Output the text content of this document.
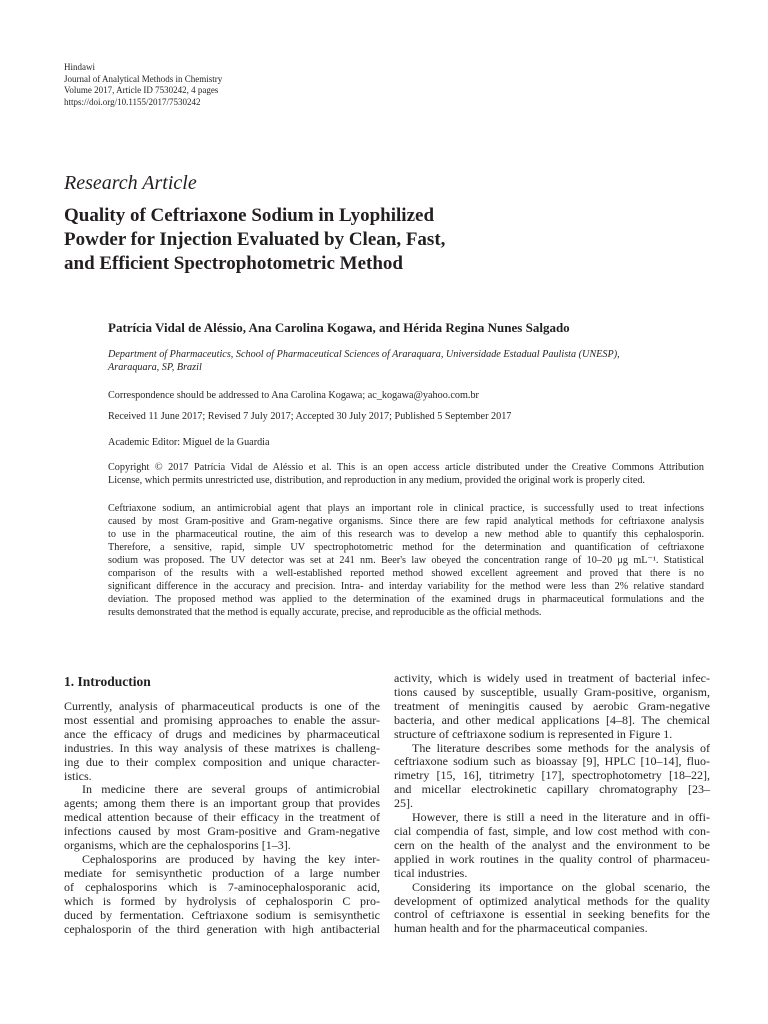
Hindawi
Journal of Analytical Methods in Chemistry
Volume 2017, Article ID 7530242, 4 pages
https://doi.org/10.1155/2017/7530242
Research Article
Quality of Ceftriaxone Sodium in Lyophilized
Powder for Injection Evaluated by Clean, Fast,
and Efficient Spectrophotometric Method
Patrícia Vidal de Aléssio, Ana Carolina Kogawa, and Hérida Regina Nunes Salgado
Department of Pharmaceutics, School of Pharmaceutical Sciences of Araraquara, Universidade Estadual Paulista (UNESP),
Araraquara, SP, Brazil
Correspondence should be addressed to Ana Carolina Kogawa; ac_kogawa@yahoo.com.br
Received 11 June 2017; Revised 7 July 2017; Accepted 30 July 2017; Published 5 September 2017
Academic Editor: Miguel de la Guardia
Copyright © 2017 Patrícia Vidal de Aléssio et al. This is an open access article distributed under the Creative Commons Attribution
License, which permits unrestricted use, distribution, and reproduction in any medium, provided the original work is properly cited.
Ceftriaxone sodium, an antimicrobial agent that plays an important role in clinical practice, is successfully used to treat infections
caused by most Gram-positive and Gram-negative organisms. Since there are few rapid analytical methods for ceftriaxone analysis
to use in the pharmaceutical routine, the aim of this research was to develop a new method able to quantify this cephalosporin.
Therefore, a sensitive, rapid, simple UV spectrophotometric method for the determination and quantification of ceftriaxone
sodium was proposed. The UV detector was set at 241 nm. Beer's law obeyed the concentration range of 10–20 μg mL⁻¹. Statistical
comparison of the results with a well-established reported method showed excellent agreement and proved that there is no
significant difference in the accuracy and precision. Intra- and interday variability for the method were less than 2% relative standard
deviation. The proposed method was applied to the determination of the examined drugs in pharmaceutical formulations and the
results demonstrated that the method is equally accurate, precise, and reproducible as the official methods.
1. Introduction
Currently, analysis of pharmaceutical products is one of the
most essential and promising approaches to enable the assur-
ance the efficacy of drugs and medicines by pharmaceutical
industries. In this way analysis of these matrixes is challeng-
ing due to their complex composition and unique character-
istics.
In medicine there are several groups of antimicrobial
agents; among them there is an important group that provides
medical attention because of their efficacy in the treatment of
infections caused by most Gram-positive and Gram-negative
organisms, which are the cephalosporins [1–3].
Cephalosporins are produced by having the key inter-
mediate for semisynthetic production of a large number
of cephalosporins which is 7-aminocephalosporanic acid,
which is formed by hydrolysis of cephalosporin C pro-
duced by fermentation. Ceftriaxone sodium is semisynthetic
cephalosporin of the third generation with high antibacterial
activity, which is widely used in treatment of bacterial infec-
tions caused by susceptible, usually Gram-positive, organism,
treatment of meningitis caused by aerobic Gram-negative
bacteria, and other medical applications [4–8]. The chemical
structure of ceftriaxone sodium is represented in Figure 1.
The literature describes some methods for the analysis of
ceftriaxone sodium such as bioassay [9], HPLC [10–14], fluo-
rimetry [15, 16], titrimetry [17], spectrophotometry [18–22],
and micellar electrokinetic capillary chromatography [23–
25].
However, there is still a need in the literature and in offi-
cial compendia of fast, simple, and low cost method with con-
cern on the health of the analyst and the environment to be
applied in work routines in the quality control of pharmaceu-
tical industries.
Considering its importance on the global scenario, the
development of optimized analytical methods for the quality
control of ceftriaxone is essential in seeking benefits for the
human health and for the pharmaceutical companies.
